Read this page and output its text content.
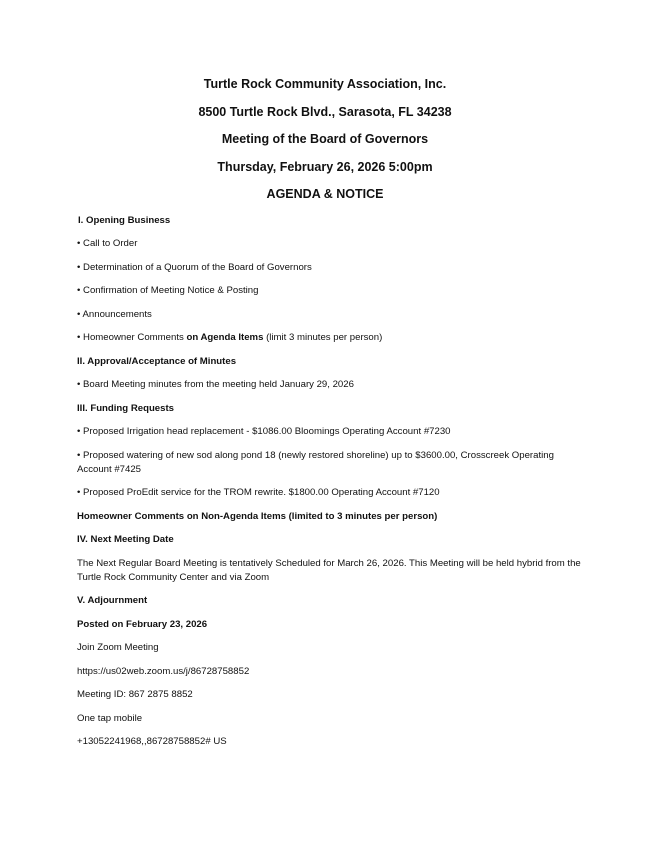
Turtle Rock Community Association, Inc.
8500 Turtle Rock Blvd., Sarasota, FL 34238
Meeting of the Board of Governors
Thursday, February 26, 2026 5:00pm
AGENDA & NOTICE

I. Opening Business

• Call to Order

• Determination of a Quorum of the Board of Governors

• Confirmation of Meeting Notice & Posting

• Announcements

• Homeowner Comments on Agenda Items (limit 3 minutes per person)

II. Approval/Acceptance of Minutes

• Board Meeting minutes from the meeting held January 29, 2026

III. Funding Requests

• Proposed Irrigation head replacement - $1086.00 Bloomings Operating Account #7230

• Proposed watering of new sod along pond 18 (newly restored shoreline) up to $3600.00, Crosscreek Operating Account #7425

• Proposed ProEdit service for the TROM rewrite. $1800.00 Operating Account #7120

Homeowner Comments on Non-Agenda Items (limited to 3 minutes per person)

IV. Next Meeting Date

The Next Regular Board Meeting is tentatively Scheduled for March 26, 2026. This Meeting will be held hybrid from the Turtle Rock Community Center and via Zoom

V. Adjournment

Posted on February 23, 2026

Join Zoom Meeting

https://us02web.zoom.us/j/86728758852

Meeting ID: 867 2875 8852

One tap mobile

+13052241968,,86728758852# US
